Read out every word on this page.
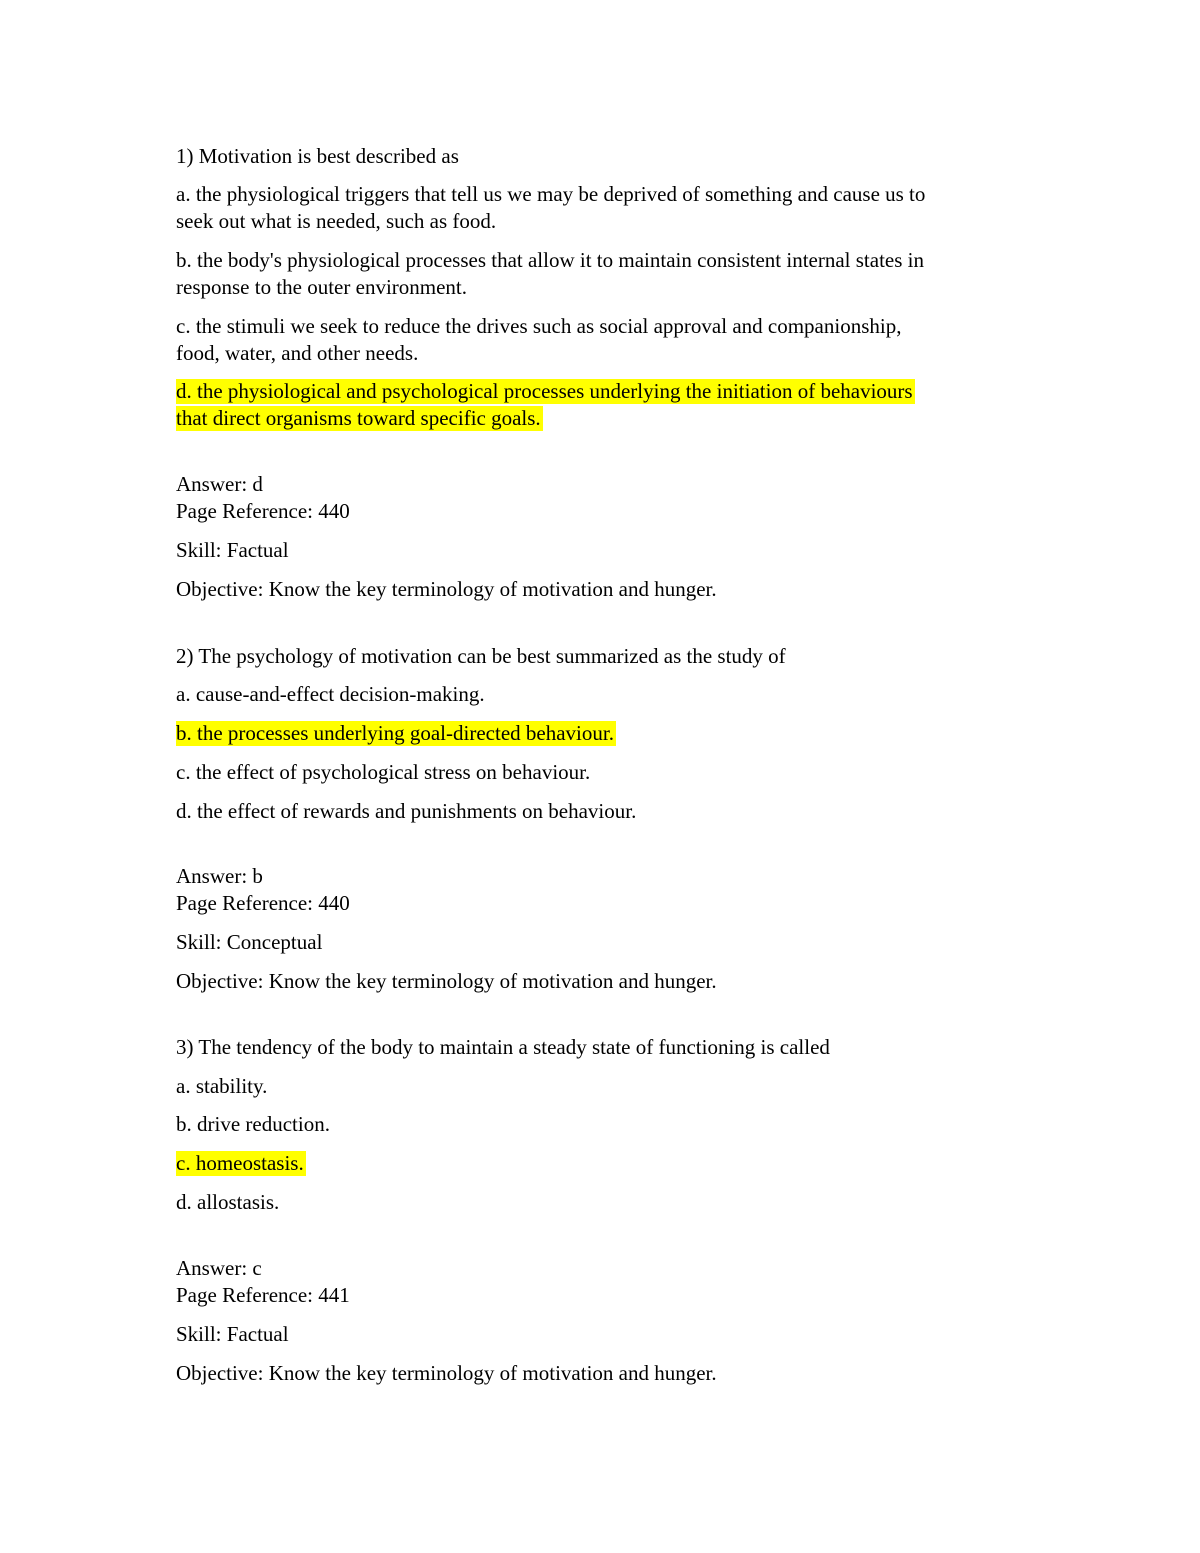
1) Motivation is best described as
a. the physiological triggers that tell us we may be deprived of something and cause us to
seek out what is needed, such as food.
b. the body's physiological processes that allow it to maintain consistent internal states in
response to the outer environment.
c. the stimuli we seek to reduce the drives such as social approval and companionship,
food, water, and other needs.
d. the physiological and psychological processes underlying the initiation of behaviours
that direct organisms toward specific goals.
Answer: d
Page Reference: 440
Skill: Factual
Objective: Know the key terminology of motivation and hunger.
2) The psychology of motivation can be best summarized as the study of
a. cause-and-effect decision-making.
b. the processes underlying goal-directed behaviour.
c. the effect of psychological stress on behaviour.
d. the effect of rewards and punishments on behaviour.
Answer: b
Page Reference: 440
Skill: Conceptual
Objective: Know the key terminology of motivation and hunger.
3) The tendency of the body to maintain a steady state of functioning is called
a. stability.
b. drive reduction.
c. homeostasis.
d. allostasis.
Answer: c
Page Reference: 441
Skill: Factual
Objective: Know the key terminology of motivation and hunger.
